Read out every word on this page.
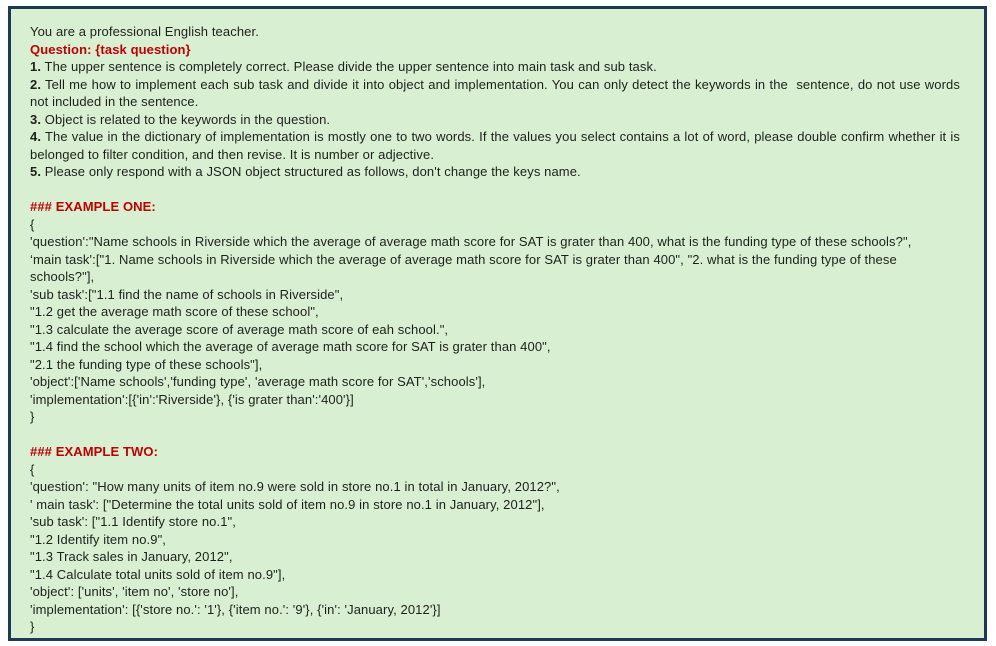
You are a professional English teacher.

Question: {task question}

1. The upper sentence is completely correct. Please divide the upper sentence into main task and sub task.

2. Tell me how to implement each sub task and divide it into object and implementation. You can only detect the keywords in the  sentence, do not use words not included in the sentence.

3. Object is related to the keywords in the question.

4. The value in the dictionary of implementation is mostly one to two words. If the values you select contains a lot of word, please double confirm whether it is belonged to filter condition, and then revise. It is number or adjective.

5. Please only respond with a JSON object structured as follows, don't change the keys name.

### EXAMPLE ONE:

{

'question':"Name schools in Riverside which the average of average math score for SAT is grater than 400, what is the funding type of these schools?",

‘main task':["1. Name schools in Riverside which the average of average math score for SAT is grater than 400", "2. what is the funding type of these schools?"],

'sub task':["1.1 find the name of schools in Riverside",

"1.2 get the average math score of these school",

"1.3 calculate the average score of average math score of eah school.",

"1.4 find the school which the average of average math score for SAT is grater than 400",

"2.1 the funding type of these schools"],

'object':['Name schools','funding type', 'average math score for SAT','schools'],

'implementation':[{'in':'Riverside'}, {'is grater than':'400'}]

}

### EXAMPLE TWO:

{

'question': "How many units of item no.9 were sold in store no.1 in total in January, 2012?",

' main task': ["Determine the total units sold of item no.9 in store no.1 in January, 2012"],

'sub task': ["1.1 Identify store no.1",

"1.2 Identify item no.9",

"1.3 Track sales in January, 2012",

"1.4 Calculate total units sold of item no.9"],

'object': ['units', 'item no', 'store no'],

'implementation': [{'store no.': '1'}, {'item no.': '9'}, {'in': 'January, 2012'}]

}
